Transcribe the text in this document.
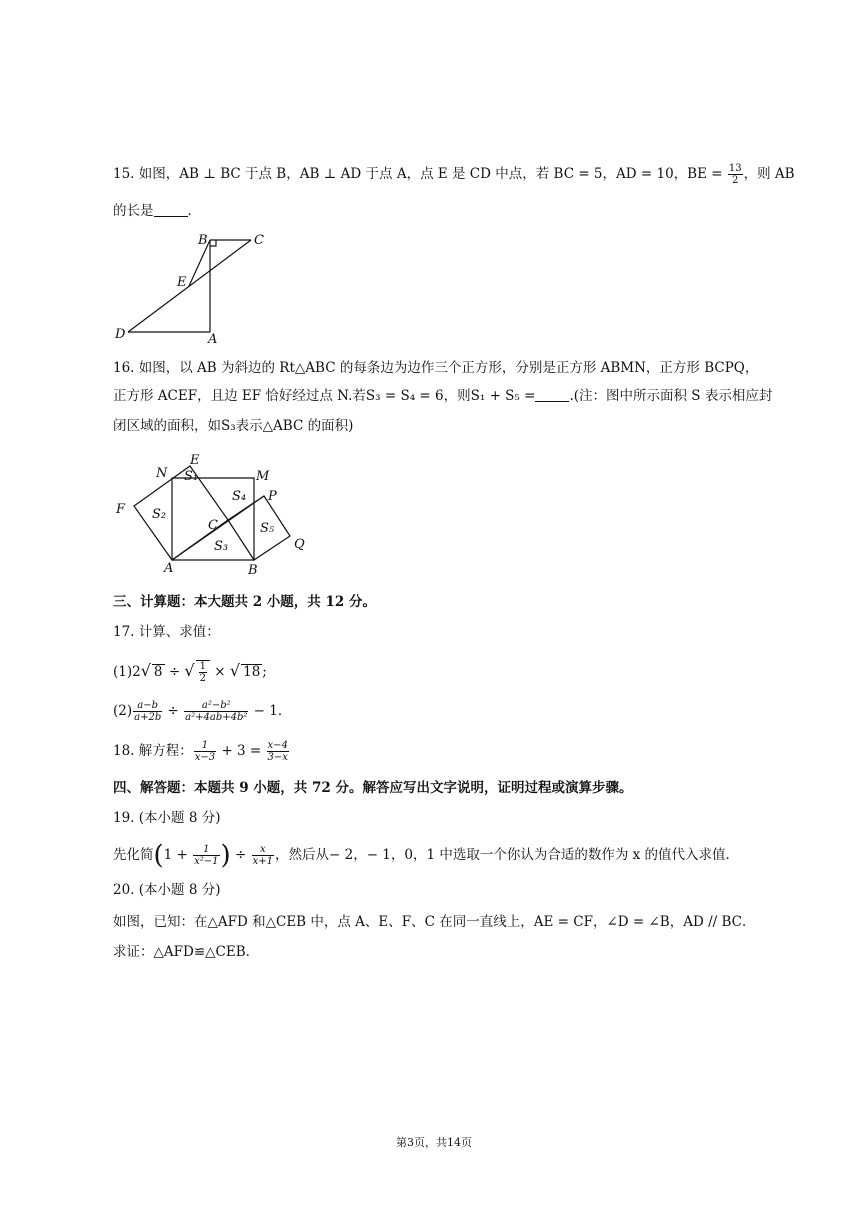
15. 如图，AB ⊥ BC 于点 B，AB ⊥ AD 于点 A，点 E 是 CD 中点，若 BC = 5，AD = 10，BE = $\frac{13}{2}$ ，则 AB
的长是	．
B	C
E
D	A
16. 如图，以 AB 为斜边的 Rt△ABC 的每条边为边作三个正方形，分别是正方形 ABMN，正方形 BCPQ，
正方形 ACEF，且边 EF 恰好经过点 N.若S₃ = S₄ = 6，则S₁ + S₅ =	.(注：图中所示面积 S 表示相应封
闭区域的面积，如S₃表示△ABC 的面积)
N
E
M
P
F
C
Q
A	B
S₁
S₂
S₃
S₄
S₅
三、计算题：本大题共 2 小题，共 12 分。
17. 计算、求值：
(1)2√ 8 ÷ √ $\frac{1}{2}$ × √ 18 ;
$(2) \frac{a-b}{a+2b} \div \frac{\text{a²−b²}}{\text{a²+4ab+4b²}} - 1$．
18. 解方程： $\frac{1}{x-3} + 3 = \frac{x-4}{3-x}$
四、解答题：本题共 9 小题，共 72 分。解答应写出文字说明，证明过程或演算步骤。
19. (本小题 8 分)
先化简($1 + \frac{1}{\text{x²−1}}$ ) ÷ $\frac{x}{x+1}$ ，然后从− 2，− 1，0，1 中选取一个你认为合适的数作为 x 的值代入求值．
20. (本小题 8 分)
如图，已知：在△AFD 和△CEB 中，点 A、E、F、C 在同一直线上，AE = CF，∠D = ∠B，AD // BC．
求证：△AFD≌△CEB．
第3页，共14页
